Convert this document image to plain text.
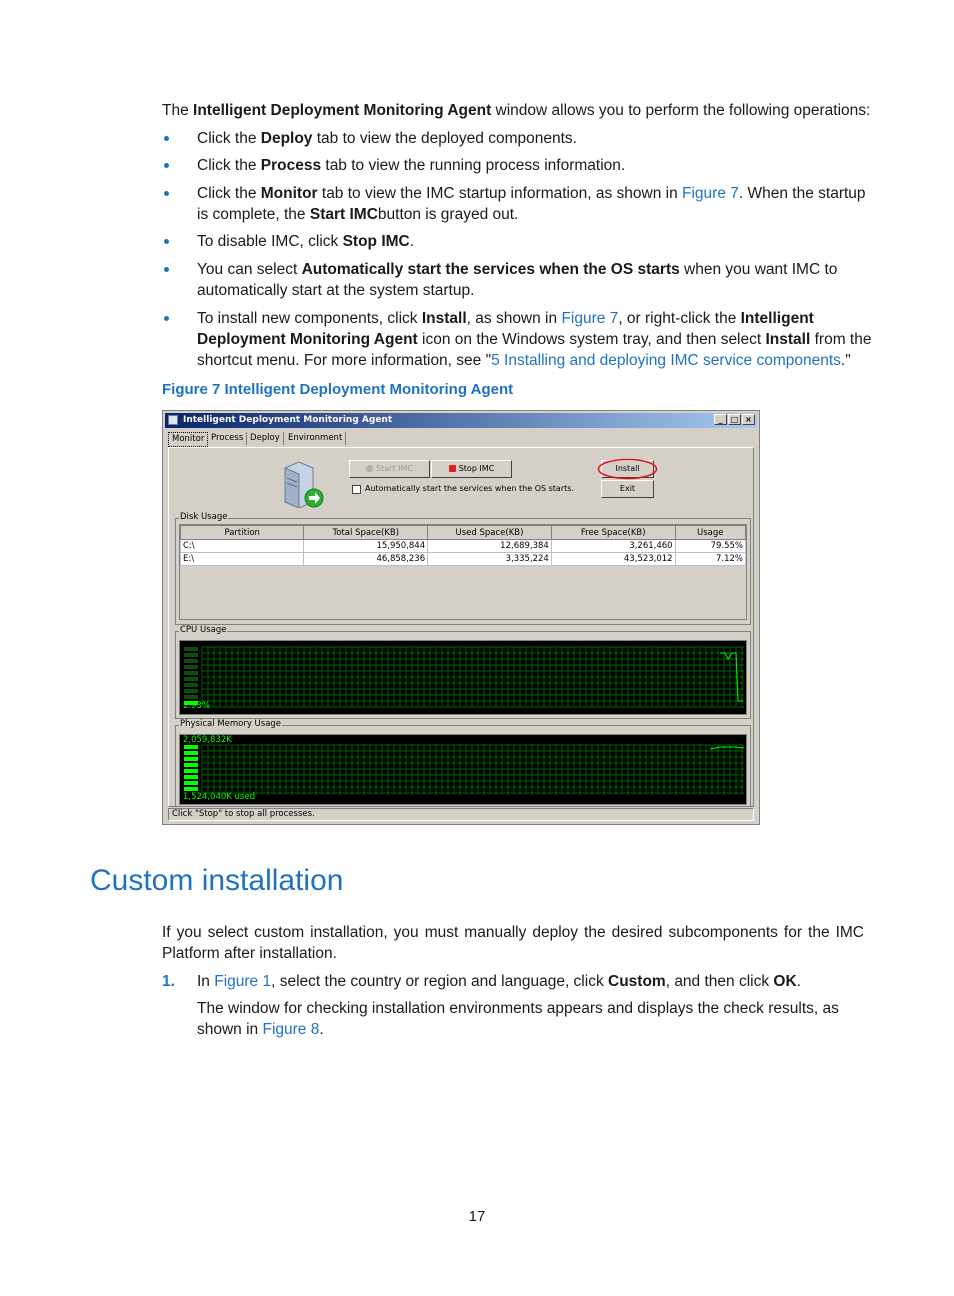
The Intelligent Deployment Monitoring Agent window allows you to perform the following operations:

Click the Deploy tab to view the deployed components.

Click the Process tab to view the running process information.

Click the Monitor tab to view the IMC startup information, as shown in Figure 7. When the startup

is complete, the Start IMCbutton is grayed out.

To disable IMC, click Stop IMC.

You can select Automatically start the services when the OS starts when you want IMC to

automatically start at the system startup.

To install new components, click Install, as shown in Figure 7, or right-click the Intelligent

Deployment Monitoring Agent icon on the Windows system tray, and then select Install from the

shortcut menu. For more information, see "5 Installing and deploying IMC service components."

Figure 7 Intelligent Deployment Monitoring Agent
Intelligent Deployment Monitoring Agent	_	□ ×
Monitor Process Deploy Environment
Start IMC	Stop IMC	Install
Exit
Automatically start the services when the OS starts.
Partition	Total Space(KB)	Used Space(KB)	Free Space(KB)	Usage
C:\	15,950,844	12,689,384	3,261,460	79.55%
E:\	46,858,236	3,335,224	43,523,012	7.12%
Disk Usage
2.93%
CPU Usage
2,059,832K
1,524,040K used
Physical Memory Usage
Click "Stop" to stop all processes.
Custom installation

If you select custom installation, you must manually deploy the desired subcomponents for the IMC

Platform after installation.

1. In Figure 1, select the country or region and language, click Custom, and then click OK.

The window for checking installation environments appears and displays the check results, as

shown in Figure 8.

17
